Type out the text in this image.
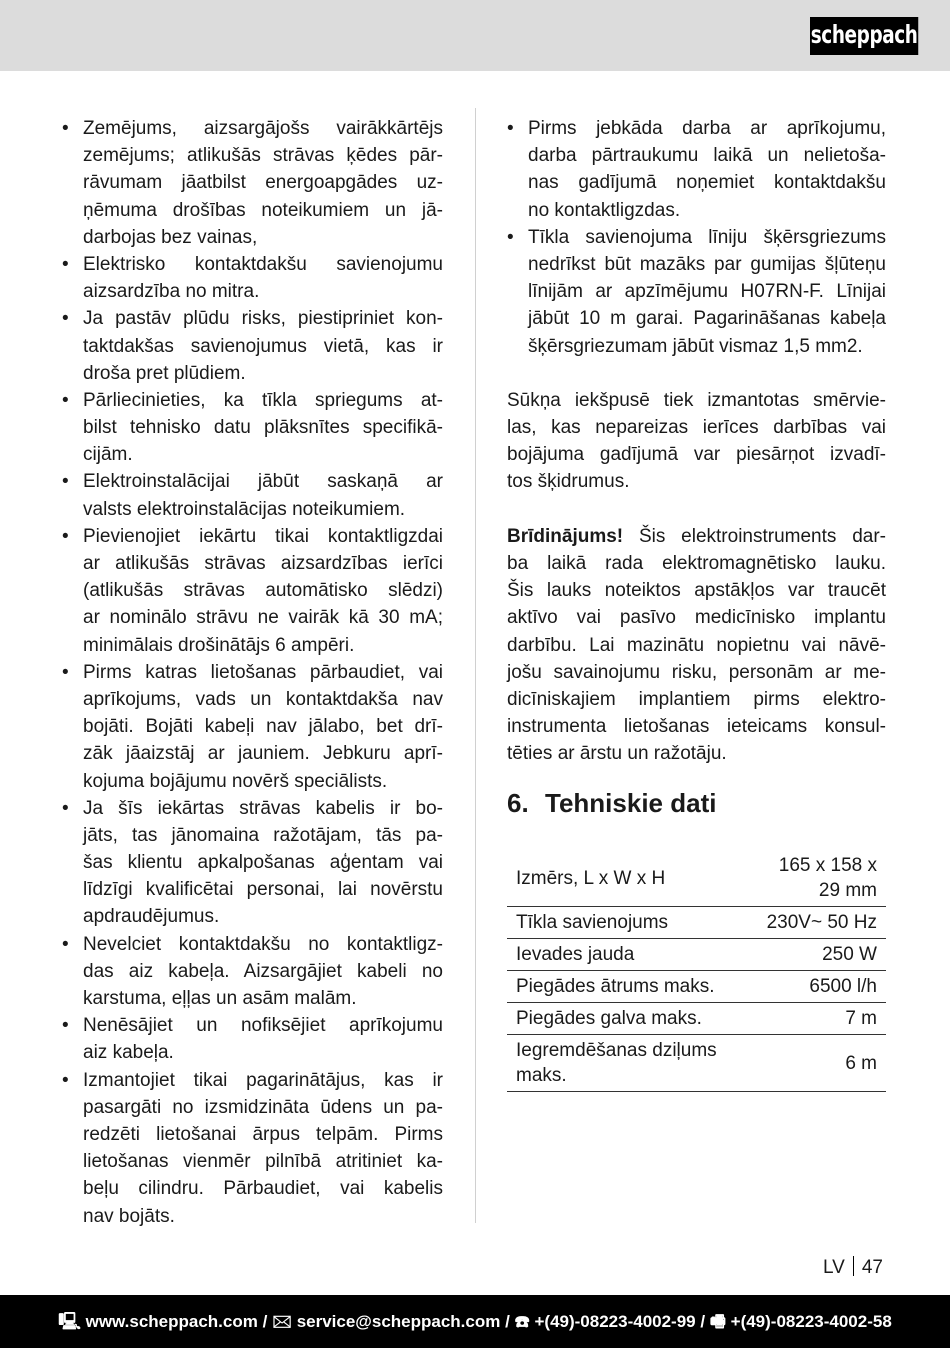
scheppach
• Zemējums, aizsargājošs vairākkārtējs
zemējums; atlikušās strāvas ķēdes pār-
rāvumam jāatbilst energoapgādes uz-
ņēmuma drošības noteikumiem un jā-
darbojas bez vainas,
• Elektrisko kontaktdakšu savienojumu
aizsardzība no mitra.
• Ja pastāv plūdu risks, piestipriniet kon-
taktdakšas savienojumus vietā, kas ir
droša pret plūdiem.
• Pārliecinieties, ka tīkla spriegums at-
bilst tehnisko datu plāksnītes specifikā-
cijām.
• Elektroinstalācijai jābūt saskaņā ar
valsts elektroinstalācijas noteikumiem.
• Pievienojiet iekārtu tikai kontaktligzdai
ar atlikušās strāvas aizsardzības ierīci
(atlikušās strāvas automātisko slēdzi)
ar nominālo strāvu ne vairāk kā 30 mA;
minimālais drošinātājs 6 ampēri.
• Pirms katras lietošanas pārbaudiet, vai
aprīkojums, vads un kontaktdakša nav
bojāti. Bojāti kabeļi nav jālabo, bet drī-
zāk jāaizstāj ar jauniem. Jebkuru aprī-
kojuma bojājumu novērš speciālists.
• Ja šīs iekārtas strāvas kabelis ir bo-
jāts, tas jānomaina ražotājam, tās pa-
šas klientu apkalpošanas aģentam vai
līdzīgi kvalificētai personai, lai novērstu
apdraudējumus.
• Nevelciet kontaktdakšu no kontaktligz-
das aiz kabeļa. Aizsargājiet kabeli no
karstuma, eļļas un asām malām.
• Nenēsājiet un nofiksējiet aprīkojumu
aiz kabeļa.
• Izmantojiet tikai pagarinātājus, kas ir
pasargāti no izsmidzināta ūdens un pa-
redzēti lietošanai ārpus telpām. Pirms
lietošanas vienmēr pilnībā atritiniet ka-
beļu cilindru. Pārbaudiet, vai kabelis
nav bojāts.
• Pirms jebkāda darba ar aprīkojumu,
darba pārtraukumu laikā un nelietoša-
nas gadījumā noņemiet kontaktdakšu
no kontaktligzdas.
• Tīkla savienojuma līniju šķērsgriezums
nedrīkst būt mazāks par gumijas šļūteņu
līnijām ar apzīmējumu H07RN-F. Līnijai
jābūt 10 m garai. Pagarināšanas kabeļa
šķērsgriezumam jābūt vismaz 1,5 mm2.
Sūkņa iekšpusē tiek izmantotas smērvie-
las, kas nepareizas ierīces darbības vai
bojājuma gadījumā var piesārņot izvadī-
tos šķidrumus.
Brīdinājums! Šis elektroinstruments dar-
ba laikā rada elektromagnētisko lauku.
Šis lauks noteiktos apstākļos var traucēt
aktīvo vai pasīvo medicīnisko implantu
darbību. Lai mazinātu nopietnu vai nāvē-
jošu savainojumu risku, personām ar me-
dicīniskajiem implantiem pirms elektro-
instrumenta lietošanas ieteicams konsul-
tēties ar ārstu un ražotāju.
6. Tehniskie dati
Izmērs, L x W x H	165 x 158 x 29 mm
Tīkla savienojums	230V~ 50 Hz
Ievades jauda	250 W
Piegādes ātrums maks.	6500 l/h
Piegādes galva maks.	7 m
Iegremdēšanas dziļums maks.	6 m
LV 47
🖳 www.scheppach.com / 🖂 service@scheppach.com / ☎ +(49)-08223-4002-99 / 🖷 +(49)-08223-4002-58
